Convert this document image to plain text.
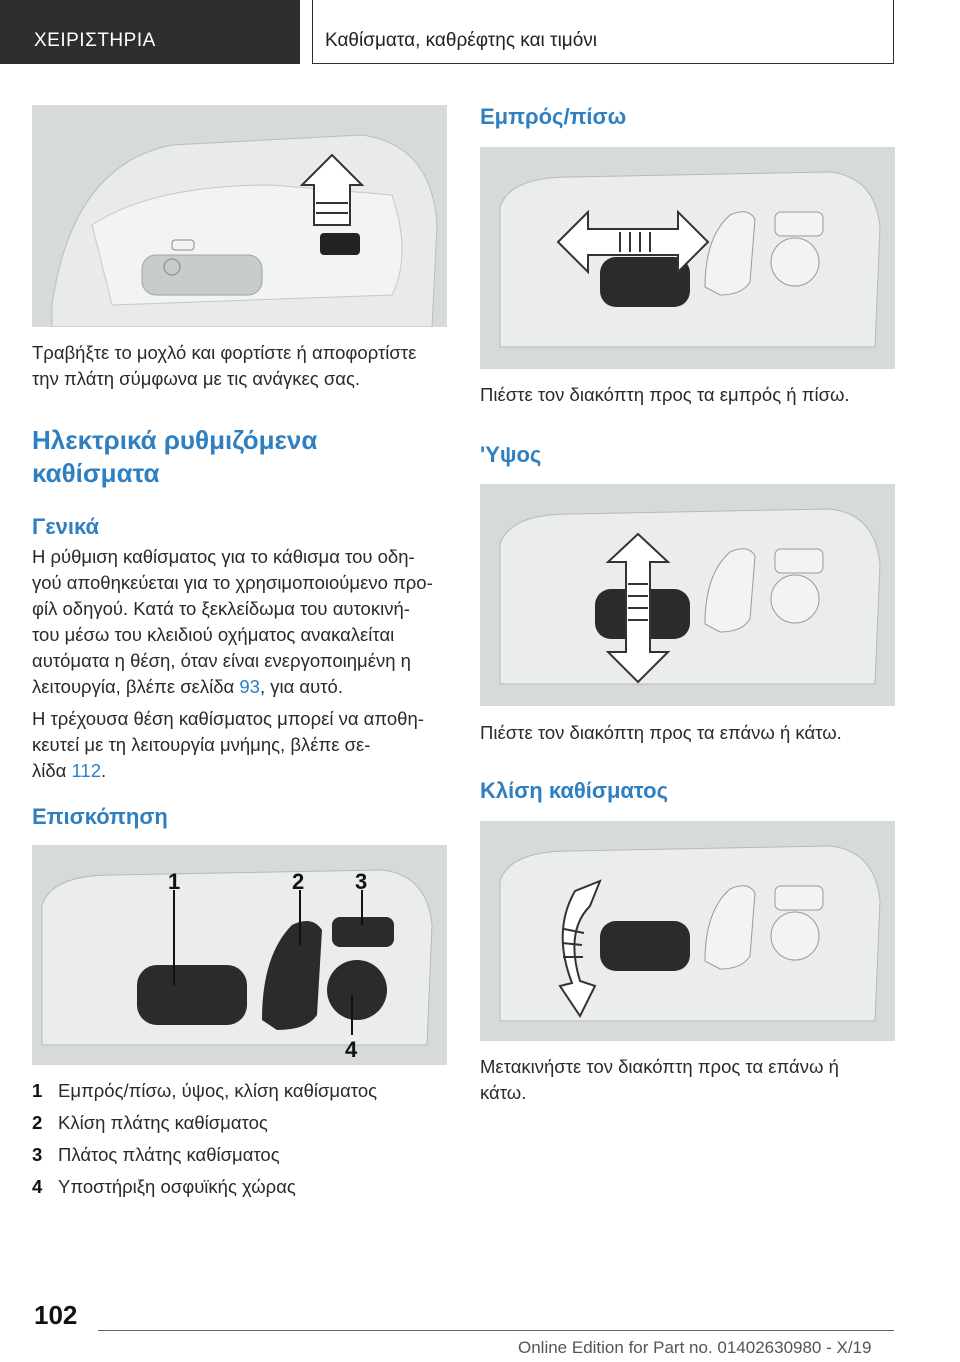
ΧΕΙΡΙΣΤΗΡΙΑ	Καθίσματα, καθρέφτης και τιμόνι
Τραβήξτε το μοχλό και φορτίστε ή αποφορτίστε
την πλάτη σύμφωνα με τις ανάγκες σας.
Ηλεκτρικά ρυθμιζόμενα
καθίσματα
Γενικά
Η ρύθμιση καθίσματος για το κάθισμα του οδη-
γού αποθηκεύεται για το χρησιμοποιούμενο προ-
φίλ οδηγού. Κατά το ξεκλείδωμα του αυτοκινή-
του μέσω του κλειδιού οχήματος ανακαλείται
αυτόματα η θέση, όταν είναι ενεργοποιημένη η
λειτουργία, βλέπε σελίδα 93, για αυτό.
Η τρέχουσα θέση καθίσματος μπορεί να αποθη-
κευτεί με τη λειτουργία μνήμης, βλέπε σε-
λίδα 112.
Επισκόπηση
1	2 3
4
1 Εμπρός/πίσω, ύψος, κλίση καθίσματος
2 Κλίση πλάτης καθίσματος
3 Πλάτος πλάτης καθίσματος
4 Υποστήριξη οσφυϊκής χώρας
Εμπρός/πίσω
Πιέστε τον διακόπτη προς τα εμπρός ή πίσω.
'Υψος
Πιέστε τον διακόπτη προς τα επάνω ή κάτω.
Κλίση καθίσματος
Μετακινήστε τον διακόπτη προς τα επάνω ή
κάτω.
102
Online Edition for Part no. 01402630980 - X/19
